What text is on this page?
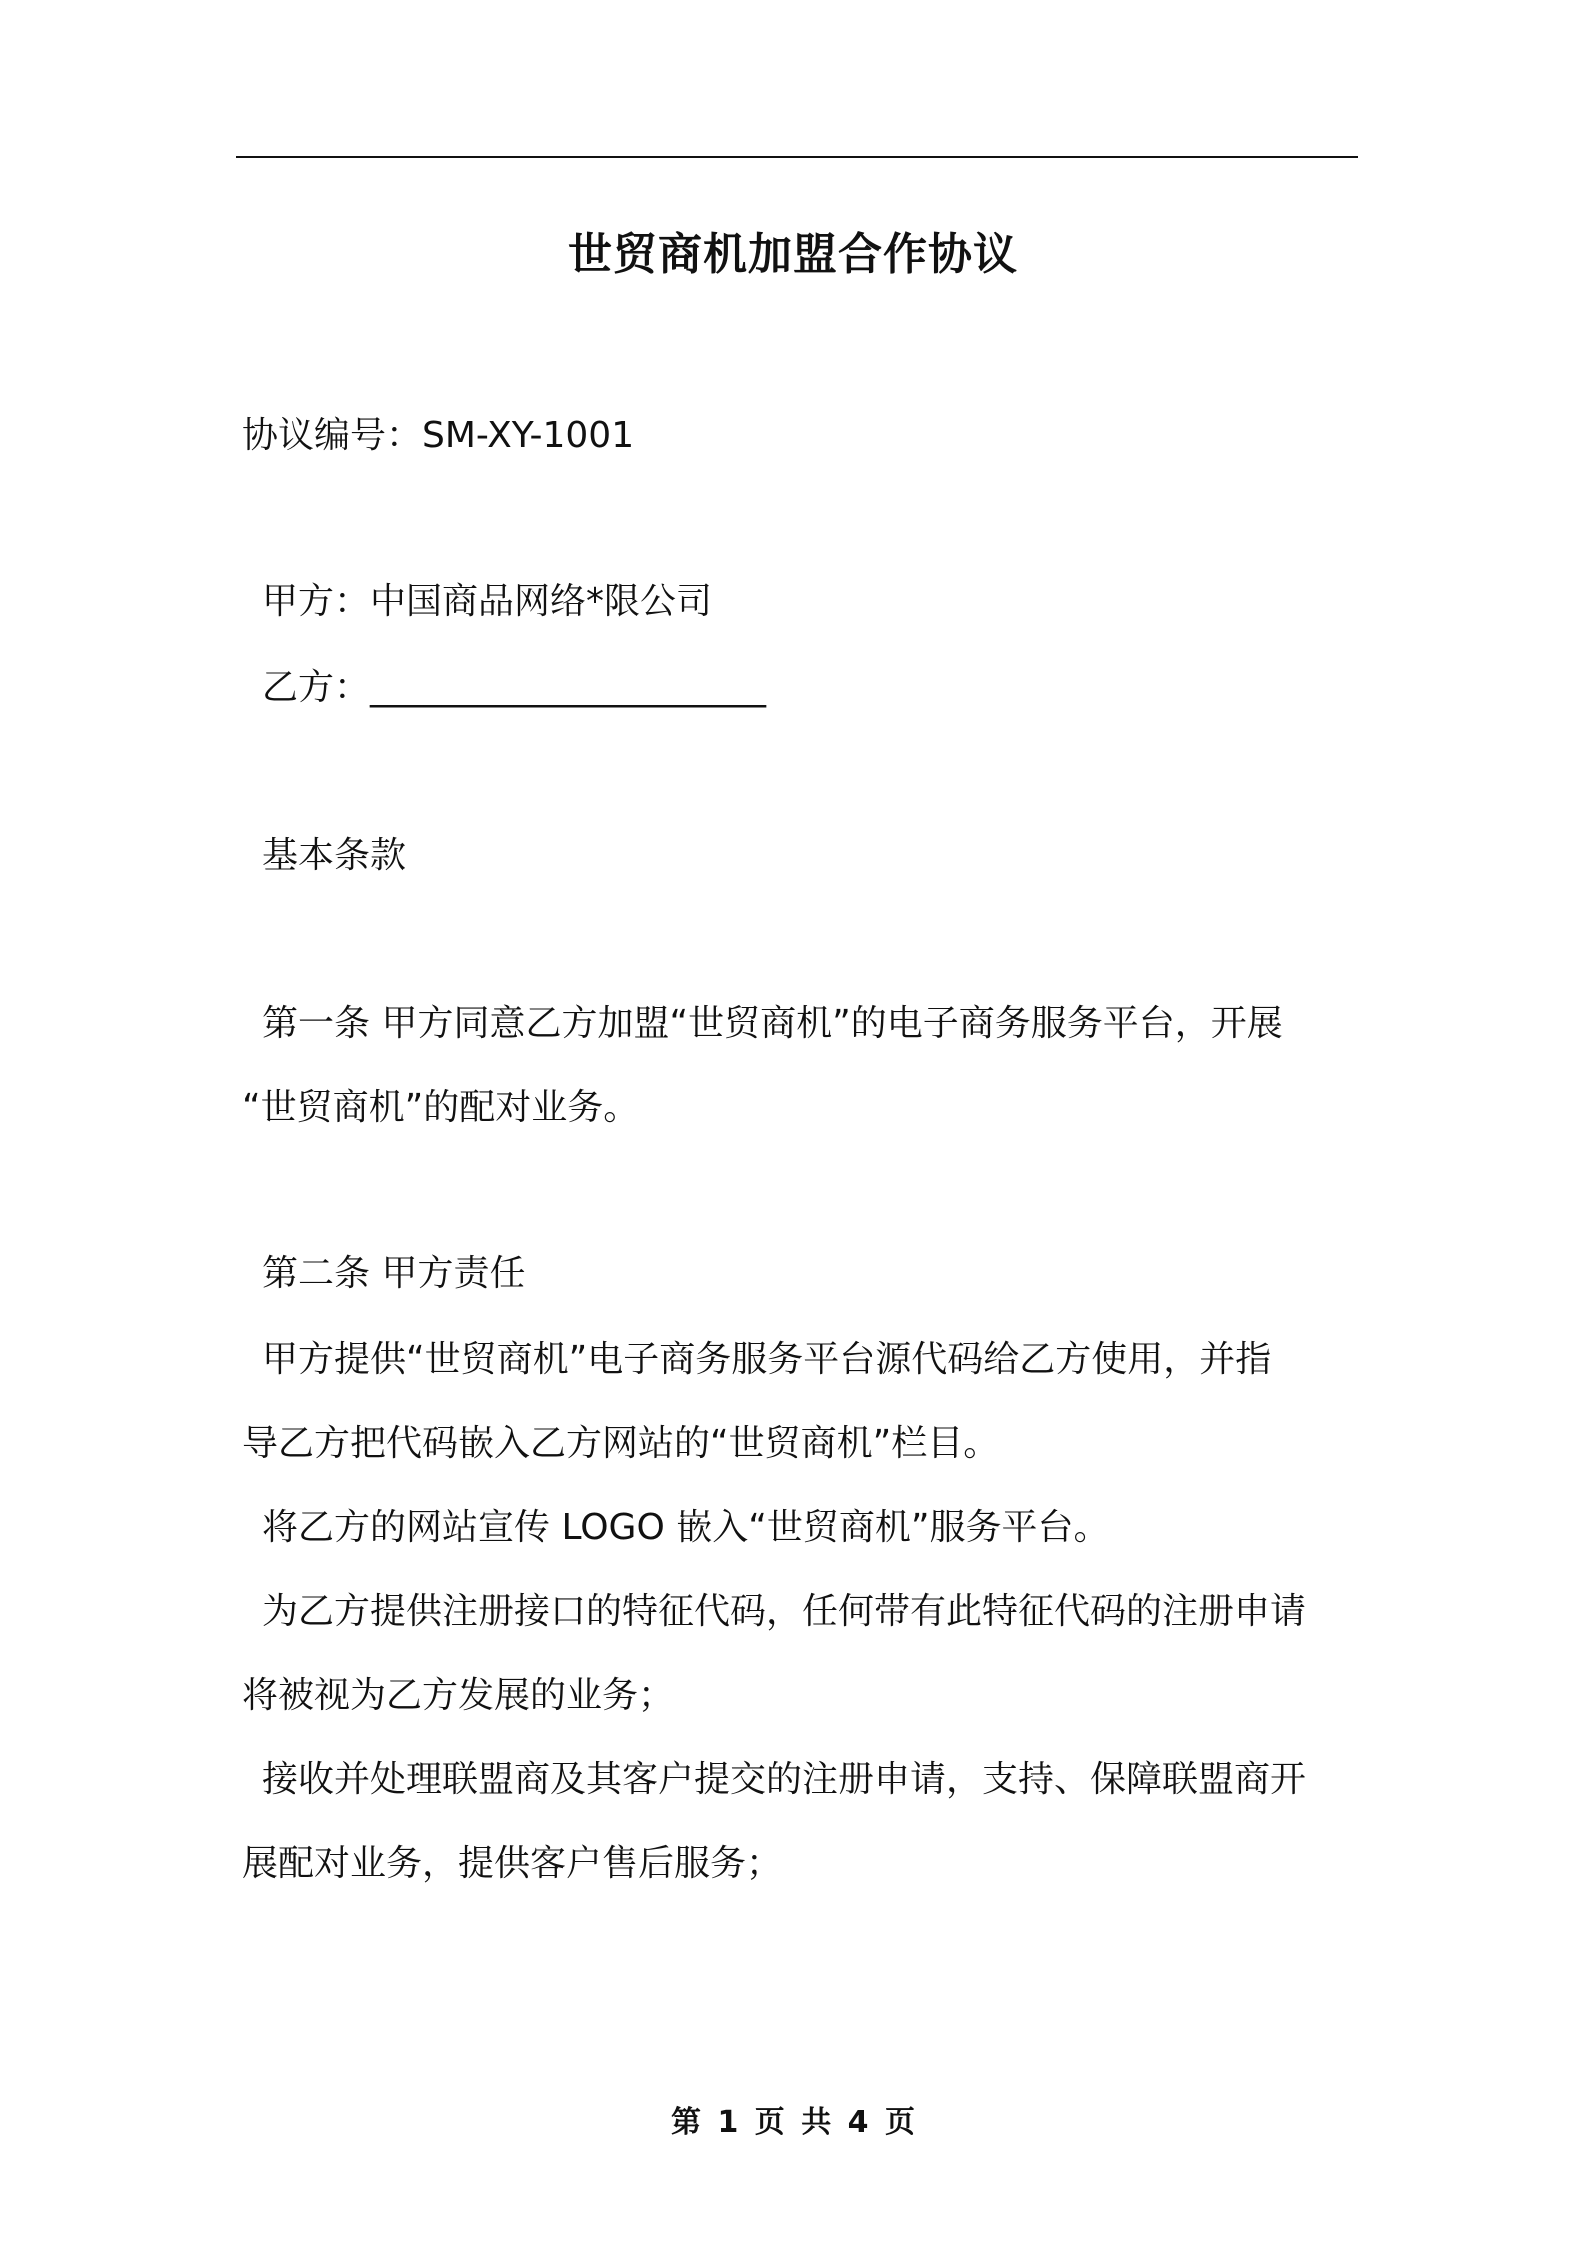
世贸商机加盟合作协议
协议编号：SM-XY-1001
甲方：中国商品网络*限公司
乙方：______________________
基本条款
第一条 甲方同意乙方加盟“世贸商机”的电子商务服务平台，开展
“世贸商机”的配对业务。
第二条 甲方责任
甲方提供“世贸商机”电子商务服务平台源代码给乙方使用，并指
导乙方把代码嵌入乙方网站的“世贸商机”栏目。
将乙方的网站宣传 LOGO 嵌入“世贸商机”服务平台。
为乙方提供注册接口的特征代码，任何带有此特征代码的注册申请
将被视为乙方发展的业务；
接收并处理联盟商及其客户提交的注册申请，支持、保障联盟商开
展配对业务，提供客户售后服务；
第 1 页 共 4 页
